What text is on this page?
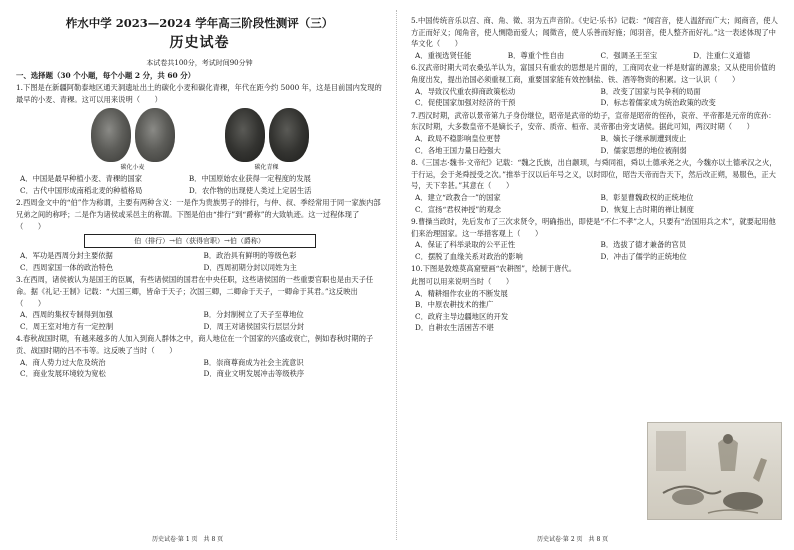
柞水中学 2023—2024 学年高三阶段性测评（三）
历史试卷
本试卷共100分，考试时间90分钟
一、选择题（30 个小题，每个小题 2 分，共 60 分）
1.下图是在新疆阿勒泰地区通天洞遗址出土的碳化小麦和碳化青稞，年代在距今约 5000 年，这是目前国内发现的最早的小麦、青稞。这可以用来说明（　　）
碳化小麦	碳化青稞
A．中国是最早种植小麦、青稞的国家	B．中国原始农业获得一定程度的发展
C．古代中国形成南稻北麦的种植格局	D．农作物的出现使人类过上定居生活
2.西周金文中的“伯”作为称谓，主要有两种含义：一是作为贵族男子的排行，与仲、叔、季经常用于同一家族内部兄弟之间的称呼；二是作为诸侯或采邑主的称谓。下图是伯由“排行”到“爵称”的大致轨迹。这一过程体现了（　　）
伯（排行）→伯（获得官职）→伯（爵称）
A．军功是西周分封主要依据	B．政治具有鲜明的等级色彩
C．西周家国一体的政治特色	D．西周初期分封以同姓为主
3.在西周，诸侯被认为是国王的臣属，有些诸侯国的国君在中央任职，这些诸侯国的一些重要官职也是由天子任命。据《礼记·王制》记载：“大国三卿，皆命于天子；次国三卿，二卿命于天子，一卿命于其君。”这反映出（　　）
A．西周的集权专制得到加强	B．分封制树立了天子至尊地位
C．周王室对地方有一定控制	D．周王对诸侯国实行层层分封
4.春秋战国时期，有越来越多的人加入到商人群体之中，商人地位在一个国家的兴盛或衰亡，例如春秋时期的子贡、战国时期的吕不韦等。这反映了当时（　　）
A．商人势力过大危及统治	B．崇商尊商成为社会主流意识
C．商业发展环境较为宽松	D．商业文明发展冲击等级秩序
历史试卷·第 1 页　共 8 页
5.中国传统音乐以宫、商、角、徵、羽为五声音阶。《史记·乐书》记载：“闻宫音，使人温舒而广大；闻商音，使人方正而好义；闻角音，使人恻隐而爱人；闻徵音，使人乐善而好施；闻羽音，使人整齐而好礼。”这一表述体现了中华文化（　　）
A．重视选贤任能	B．尊重个性自由	C．强调圣王至宝	D．注重仁义道德
6.汉武帝时期大司农桑弘羊认为，富国只有重农的思想是片面的，工商同农业一样是财富的源泉；又从使用价值的角度出发，提出治国必须重视工商，重要国家能有效控制盐、铁、酒等物资的积累。这一认识（　　）
A．导致汉代重农抑商政策松动	B．改变了国家与民争利的局面
C．促使国家加强对经济的干预	D．标志着儒家成为统治政策的改变
7.西汉时期，武帝以景帝第九子身份继位，昭帝是武帝的幼子，宣帝是昭帝的侄孙，哀帝、平帝都是元帝的庶孙：东汉时期，大多数皇帝不是嫡长子，安帝、质帝、桓帝、灵帝都由旁支诸侯。据此可知，两汉时期（　　）
A．政局不稳影响皇位更替	B．嫡长子继承制遭到废止
C．各地王国力量日趋强大	D．儒家思想的地位被削弱
8.《三国志·魏书·文帝纪》记载：“魏之氏族，出自颛顼，与舜同祖，舜以土德承尧之火，今魏亦以土德承汉之火，于行运，会于尧舜授受之次。”推举于汉以后年号之义，以时即位，昭告天帝而告天下，然后改正朔，易服色，正大号，天下幸甚。”其意在（　　）
A．建立“政教合一”的国家	B．彰显曹魏政权的正统地位
C．宣扬“君权神授”的观念	D．恢复上古时期的禅让制度
9.曹操当政时，先后发布了三次求贤令，明确指出，即使是“不仁不孝”之人，只要有“治国用兵之术”，就要起用他们来治理国家。这一举措客观上（　　）
A．保证了科举录取的公平正性	B．选拔了德才兼备的官员
C．摆脱了血缘关系对政治的影响	D．冲击了儒学的正统地位
10.下图是敦煌莫高窟壁画“农耕图”，绘制于唐代。
此图可以用来说明当时（　　）
A．精耕细作农业的不断发展
B．中原农耕技术的推广
C．政府主导边疆地区的开发
D．自耕农生活困苦不堪
历史试卷·第 2 页　共 8 页
